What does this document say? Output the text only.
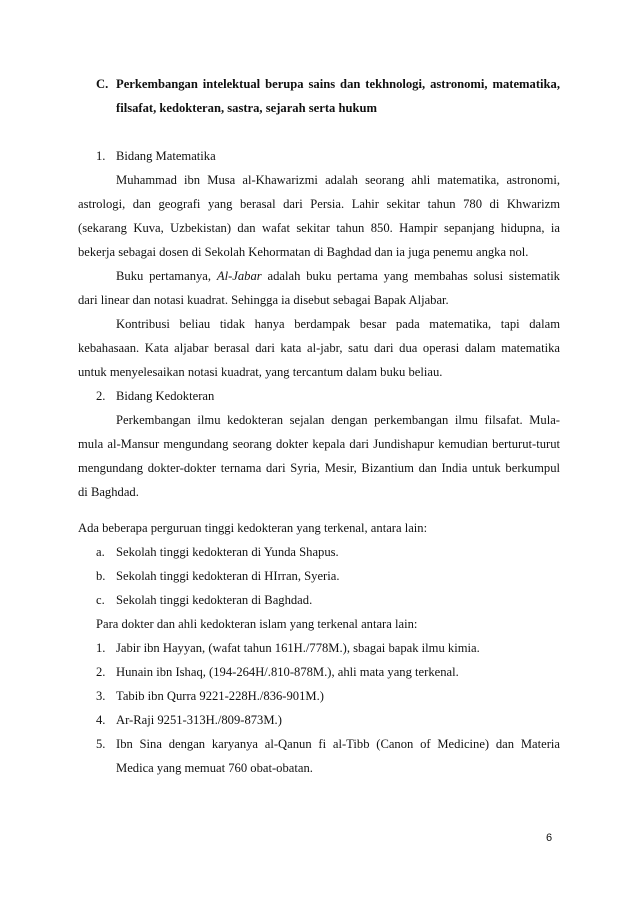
C. Perkembangan intelektual berupa sains dan tekhnologi, astronomi, matematika,
filsafat, kedokteran, sastra, sejarah serta hukum
1. Bidang Matematika
Muhammad ibn Musa al-Khawarizmi adalah seorang ahli matematika, astronomi,
astrologi, dan geografi yang berasal dari Persia. Lahir sekitar tahun 780 di Khwarizm
(sekarang Kuva, Uzbekistan) dan wafat sekitar tahun 850. Hampir sepanjang hidupna, ia
bekerja sebagai dosen di Sekolah Kehormatan di Baghdad dan ia juga penemu angka nol.
Buku pertamanya, Al-Jabar adalah buku pertama yang membahas solusi sistematik
dari linear dan notasi kuadrat. Sehingga ia disebut sebagai Bapak Aljabar.
Kontribusi beliau tidak hanya berdampak besar pada matematika, tapi dalam
kebahasaan. Kata aljabar berasal dari kata al-jabr, satu dari dua operasi dalam matematika
untuk menyelesaikan notasi kuadrat, yang tercantum dalam buku beliau.
2. Bidang Kedokteran
Perkembangan ilmu kedokteran sejalan dengan perkembangan ilmu filsafat. Mula-
mula al-Mansur mengundang seorang dokter kepala dari Jundishapur kemudian berturut-turut
mengundang dokter-dokter ternama dari Syria, Mesir, Bizantium dan India untuk berkumpul
di Baghdad.
Ada beberapa perguruan tinggi kedokteran yang terkenal, antara lain:
a. Sekolah tinggi kedokteran di Yunda Shapus.
b. Sekolah tinggi kedokteran di HIrran, Syeria.
c. Sekolah tinggi kedokteran di Baghdad.
Para dokter dan ahli kedokteran islam yang terkenal antara lain:
1. Jabir ibn Hayyan, (wafat tahun 161H./778M.), sbagai bapak ilmu kimia.
2. Hunain ibn Ishaq, (194-264H/.810-878M.), ahli mata yang terkenal.
3. Tabib ibn Qurra 9221-228H./836-901M.)
4. Ar-Raji 9251-313H./809-873M.)
5. Ibn Sina dengan karyanya al-Qanun fi al-Tibb (Canon of Medicine) dan Materia
Medica yang memuat 760 obat-obatan.
6
